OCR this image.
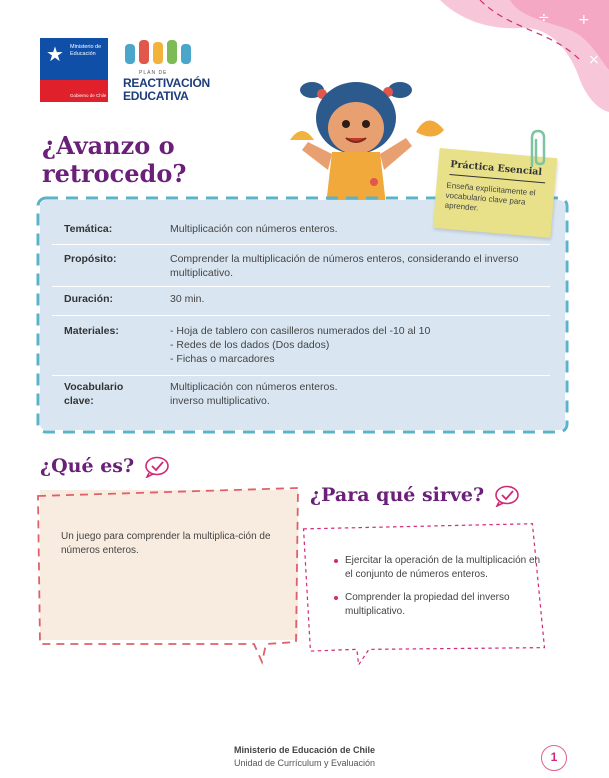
÷ +
− ×
★	Ministerio de Educación
Gobierno de Chile
PLAN DE
REACTIVACIÓN
EDUCATIVA
¿Avanzo o retrocedo?
Temática:	Multiplicación con números enteros.
Propósito:	Comprender la multiplicación de números enteros, considerando el inverso multiplicativo.
Duración:	30 min.
Materiales:
-	Hoja de tablero con casilleros numerados del -10 al 10
- Redes de los dados (Dos dados)
- Fichas o marcadores
Vocabulario
clave:
Multiplicación con números enteros.
inverso multiplicativo.
Práctica Esencial
Enseña explícitamente el vocabulario clave para aprender.
¿Qué es?
Un juego para comprender la multiplica-ción de números enteros.
¿Para qué sirve?
Ejercitar la operación de la multiplicación en el conjunto de números enteros.
Comprender la propiedad del inverso multiplicativo.
Ministerio de Educación de Chile
Unidad de Currículum y Evaluación	1
